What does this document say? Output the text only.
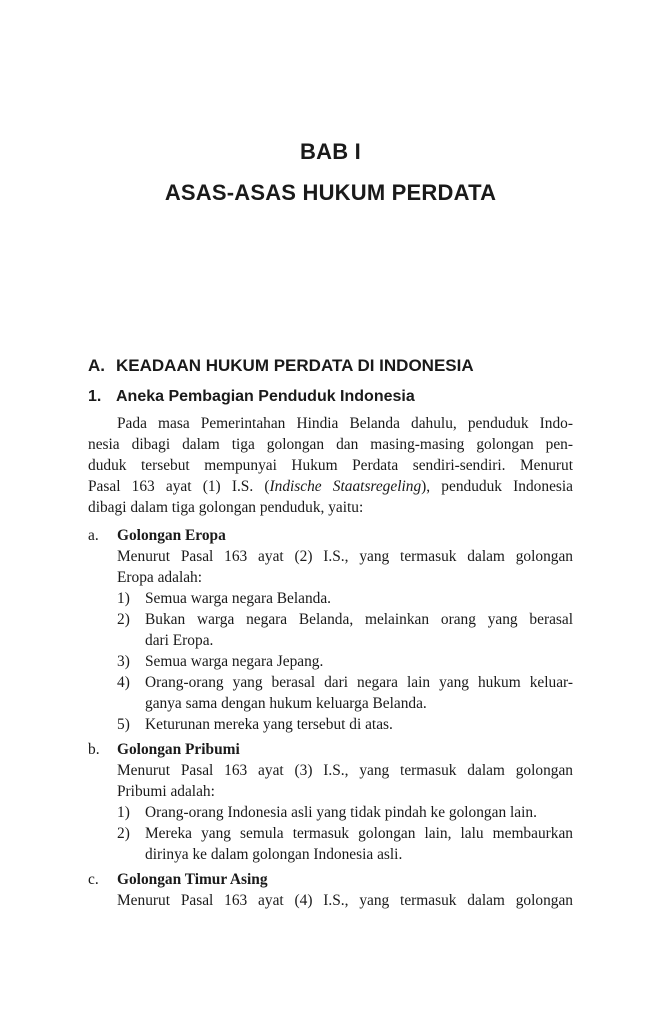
BAB I
ASAS-ASAS HUKUM PERDATA
A. KEADAAN HUKUM PERDATA DI INDONESIA
1. Aneka Pembagian Penduduk Indonesia
Pada masa Pemerintahan Hindia Belanda dahulu, penduduk Indo-
nesia dibagi dalam tiga golongan dan masing-masing golongan pen-
duduk tersebut mempunyai Hukum Perdata sendiri-sendiri. Menurut
Pasal 163 ayat (1) I.S. (Indische Staatsregeling), penduduk Indonesia
dibagi dalam tiga golongan penduduk, yaitu:
a. Golongan Eropa
Menurut Pasal 163 ayat (2) I.S., yang termasuk dalam golongan
Eropa adalah:
1) Semua warga negara Belanda.
2) Bukan warga negara Belanda, melainkan orang yang berasal
dari Eropa.
3) Semua warga negara Jepang.
4) Orang-orang yang berasal dari negara lain yang hukum keluar-
ganya sama dengan hukum keluarga Belanda.
5) Keturunan mereka yang tersebut di atas.
b. Golongan Pribumi
Menurut Pasal 163 ayat (3) I.S., yang termasuk dalam golongan
Pribumi adalah:
1) Orang-orang Indonesia asli yang tidak pindah ke golongan lain.
2) Mereka yang semula termasuk golongan lain, lalu membaurkan
dirinya ke dalam golongan Indonesia asli.
c. Golongan Timur Asing
Menurut Pasal 163 ayat (4) I.S., yang termasuk dalam golongan
